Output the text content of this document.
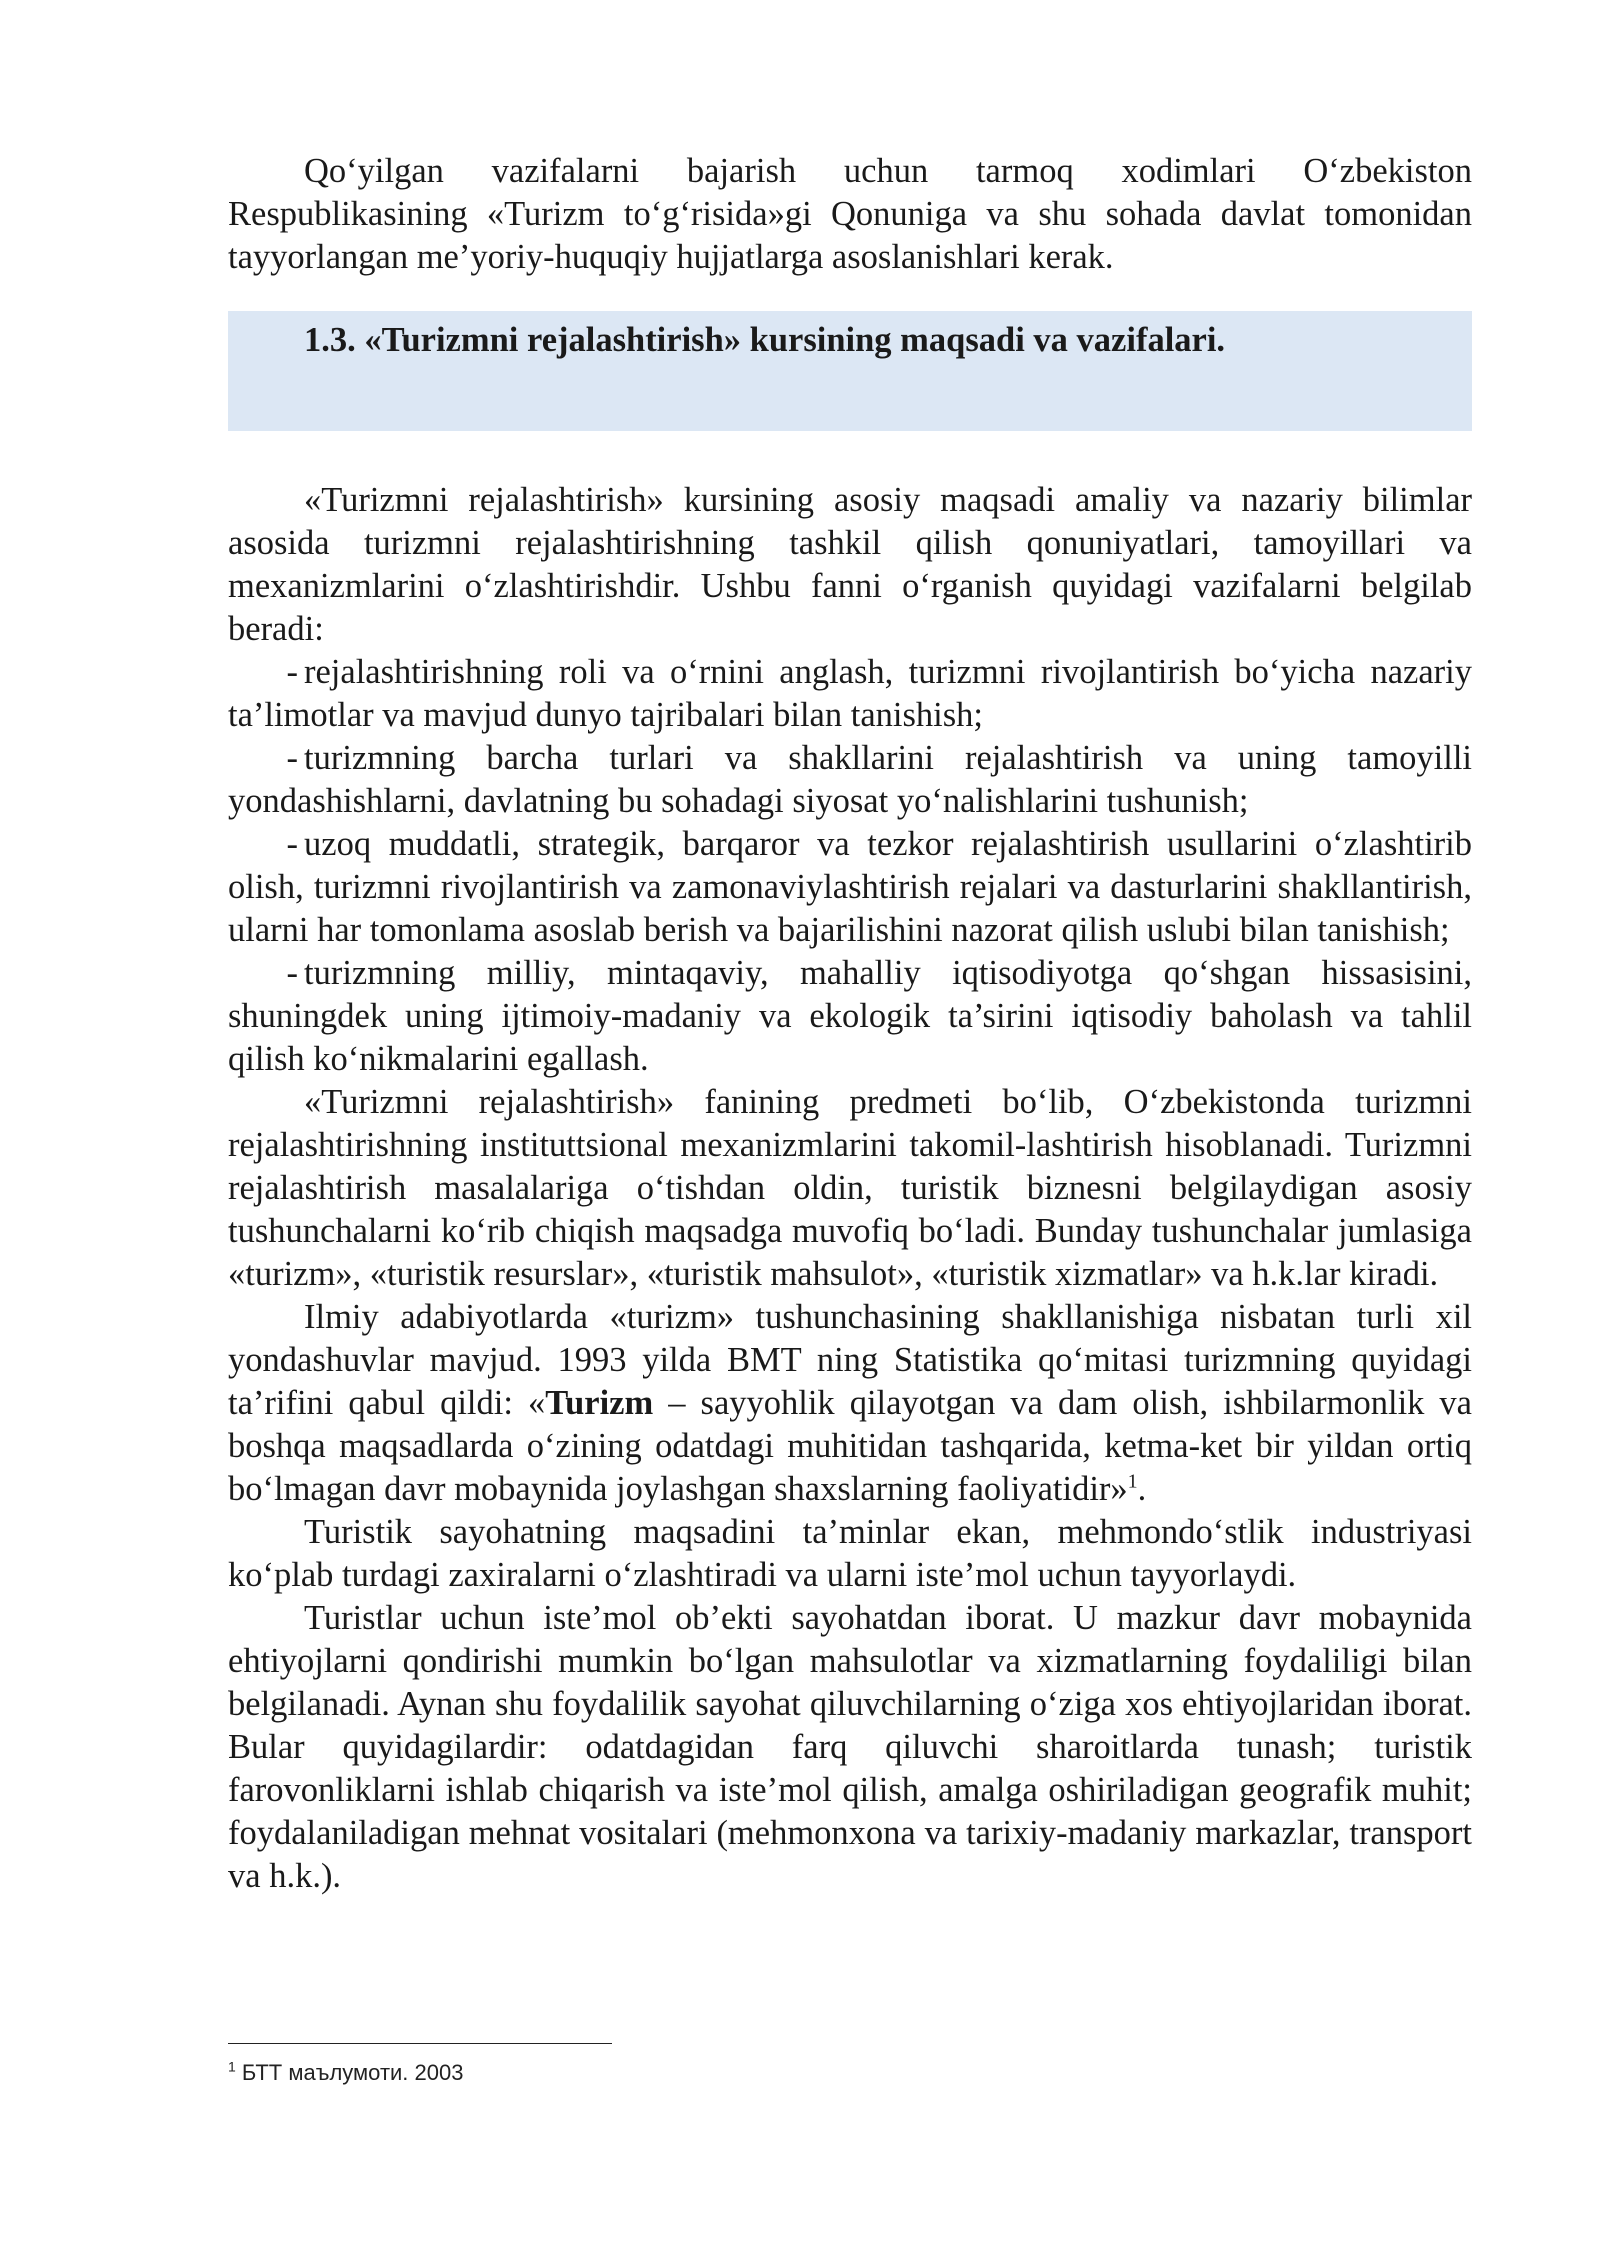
Qo‘yilgan vazifalarni bajarish uchun tarmoq xodimlari O‘zbekiston Respublikasining «Turizm to‘g‘risida»gi Qonuniga va shu sohada davlat tomonidan tayyorlangan me’yoriy-huquqiy hujjatlarga asoslanishlari kerak.

1.3. «Turizmni rejalashtirish» kursining maqsadi va vazifalari.

«Turizmni rejalashtirish» kursining asosiy maqsadi amaliy va nazariy bilimlar asosida turizmni rejalashtirishning tashkil qilish qonuniyatlari, tamoyillari va mexanizmlarini o‘zlashtirishdir. Ushbu fanni o‘rganish quyidagi vazifalarni belgilab beradi:

- rejalashtirishning roli va o‘rnini anglash, turizmni rivojlantirish bo‘yicha nazariy ta’limotlar va mavjud dunyo tajribalari bilan tanishish;

- turizmning barcha turlari va shakllarini rejalashtirish va uning tamoyilli yondashishlarni, davlatning bu sohadagi siyosat yo‘nalishlarini tushunish;

- uzoq muddatli, strategik, barqaror va tezkor rejalashtirish usullarini o‘zlashtirib olish, turizmni rivojlantirish va zamonaviylashtirish rejalari va dasturlarini shakllantirish, ularni har tomonlama asoslab berish va bajarilishini nazorat qilish uslubi bilan tanishish;

- turizmning milliy, mintaqaviy, mahalliy iqtisodiyotga qo‘shgan hissasisini, shuningdek uning ijtimoiy-madaniy va ekologik ta’sirini iqtisodiy baholash va tahlil qilish ko‘nikmalarini egallash.

«Turizmni rejalashtirish» fanining predmeti bo‘lib, O‘zbekistonda turizmni rejalashtirishning instituttsional mexanizmlarini takomil-lashtirish hisoblanadi. Turizmni rejalashtirish masalalariga o‘tishdan oldin, turistik biznesni belgilaydigan asosiy tushunchalarni ko‘rib chiqish maqsadga muvofiq bo‘ladi. Bunday tushunchalar jumlasiga «turizm», «turistik resurslar», «turistik mahsulot», «turistik xizmatlar» va h.k.lar kiradi.

Ilmiy adabiyotlarda «turizm» tushunchasining shakllanishiga nisbatan turli xil yondashuvlar mavjud. 1993 yilda BMT ning Statistika qo‘mitasi turizmning quyidagi ta’rifini qabul qildi: «Turizm – sayyohlik qilayotgan va dam olish, ishbilarmonlik va boshqa maqsadlarda o‘zining odatdagi muhitidan tashqarida, ketma-ket bir yildan ortiq bo‘lmagan davr mobaynida joylashgan shaxslarning faoliyatidir»$^1$.

Turistik sayohatning maqsadini ta’minlar ekan, mehmondo‘stlik industriyasi ko‘plab turdagi zaxiralarni o‘zlashtiradi va ularni iste’mol uchun tayyorlaydi.

Turistlar uchun iste’mol ob’ekti sayohatdan iborat. U mazkur davr mobaynida ehtiyojlarni qondirishi mumkin bo‘lgan mahsulotlar va xizmatlarning foydaliligi bilan belgilanadi. Aynan shu foydalilik sayohat qiluvchilarning o‘ziga xos ehtiyojlaridan iborat. Bular quyidagilardir: odatdagidan farq qiluvchi sharoitlarda tunash; turistik farovonliklarni ishlab chiqarish va iste’mol qilish, amalga oshiriladigan geografik muhit; foydalaniladigan mehnat vositalari (mehmonxona va tarixiy-madaniy markazlar, transport va h.k.).

$^1$ БТТ маълумоти. 2003
